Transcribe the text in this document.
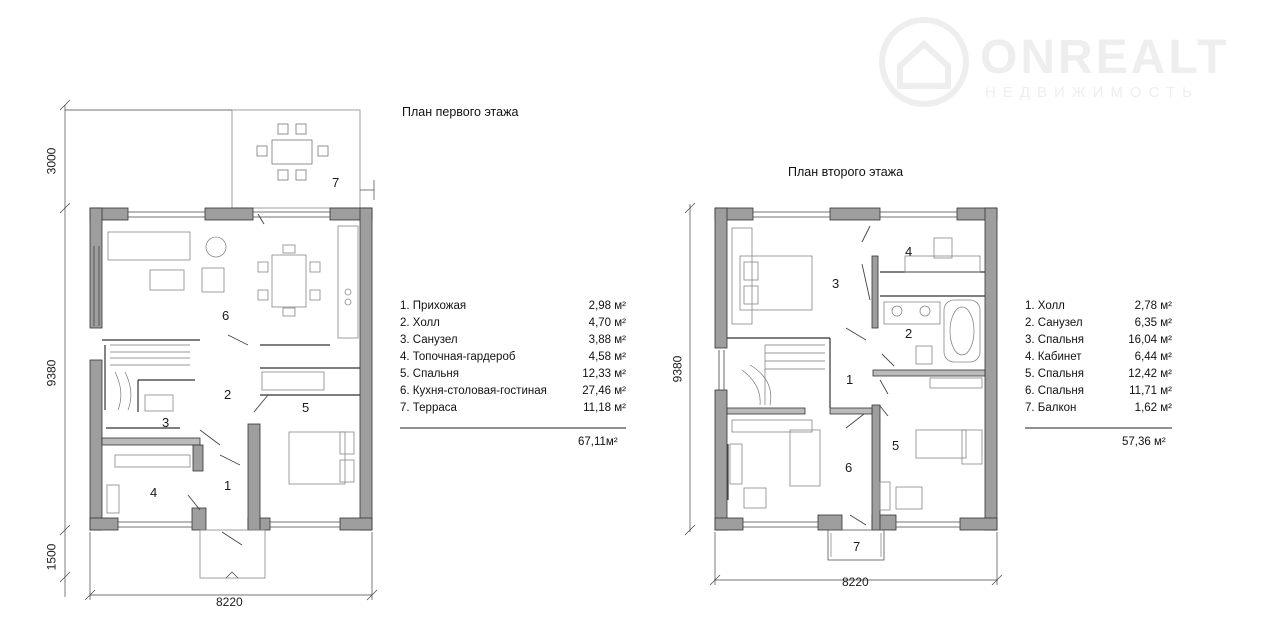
ONREALT
НЕДВИЖИМОСТЬ
План первого этажа
План второго этажа
9380
3000
1500
8220
1
2
3
4
5
6
7
1. Прихожая	2,98 м²
2. Холл	4,70 м²
3. Санузел	3,88 м²
4. Топочная-гардероб	4,58 м²
5. Спальня	12,33 м²
6. Кухня-столовая-гостиная	27,46 м²
7. Терраса	11,18 м²
67,11м²
9380
8220
1
2
3
4
5
6
7
1. Холл	2,78 м²
2. Санузел	6,35 м²
3. Спальня	16,04 м²
4. Кабинет	6,44 м²
5. Спальня	12,42 м²
6. Спальня	11,71 м²
7. Балкон	1,62 м²
57,36 м²
